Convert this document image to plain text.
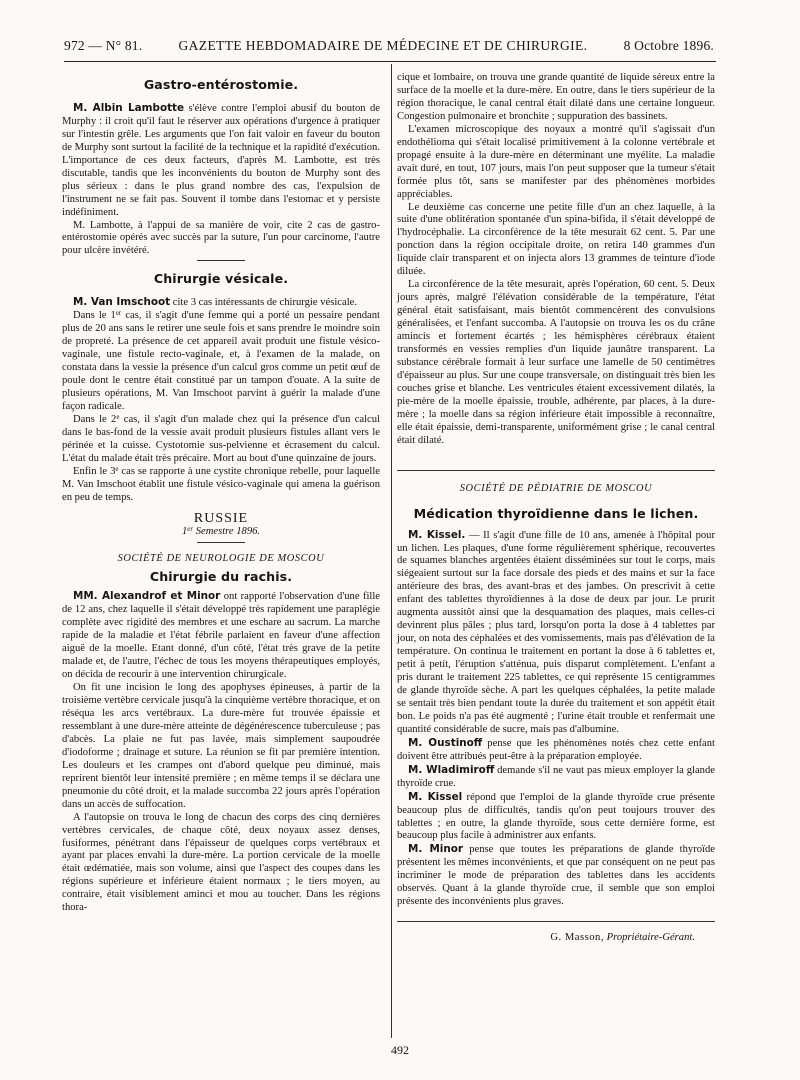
972 — N° 81.	GAZETTE HEBDOMADAIRE DE MÉDECINE ET DE CHIRURGIE.	8 Octobre 1896.
Gastro-entérostomie.

M. Albin Lambotte s'élève contre l'emploi abusif du bouton de Murphy : il croit qu'il faut le réserver aux opérations d'urgence à pratiquer sur l'intestin grêle. Les arguments que l'on fait valoir en faveur du bouton de Murphy sont surtout la facilité de la technique et la rapidité d'exécution. L'importance de ces deux facteurs, d'après M. Lambotte, est très discutable, tandis que les inconvénients du bouton de Murphy sont des plus sérieux : dans le plus grand nombre des cas, l'expulsion de l'instrument ne se fait pas. Souvent il tombe dans l'estomac et y persiste indéfiniment.

M. Lambotte, à l'appui de sa manière de voir, cite 2 cas de gastro-entérostomie opérés avec succès par la suture, l'un pour carcinome, l'autre pour ulcère invétéré.

Chirurgie vésicale.

M. Van Imschoot cite 3 cas intéressants de chirurgie vésicale.

Dans le 1er cas, il s'agit d'une femme qui a porté un pessaire pendant plus de 20 ans sans le retirer une seule fois et sans prendre le moindre soin de propreté. La présence de cet appareil avait produit une fistule vésico-vaginale, une fistule recto-vaginale, et, à l'examen de la malade, on constata dans la vessie la présence d'un calcul gros comme un petit œuf de poule dont le centre était constitué par un tampon d'ouate. A la suite de plusieurs opérations, M. Van Imschoot parvint à guérir la malade d'une façon radicale.

Dans le 2e cas, il s'agit d'un malade chez qui la présence d'un calcul dans le bas-fond de la vessie avait produit plusieurs fistules allant vers le périnée et la cuisse. Cystotomie sus-pelvienne et écrasement du calcul. L'état du malade était très précaire. Mort au bout d'une quinzaine de jours.

Enfin le 3e cas se rapporte à une cystite chronique rebelle, pour laquelle M. Van Imschoot établit une fistule vésico-vaginale qui amena la guérison en peu de temps.

RUSSIE
1er Semestre 1896.
SOCIÉTÉ DE NEUROLOGIE DE MOSCOU
Chirurgie du rachis.

MM. Alexandrof et Minor ont rapporté l'observation d'une fille de 12 ans, chez laquelle il s'était développé très rapidement une paraplégie complète avec rigidité des membres et une eschare au sacrum. La marche rapide de la maladie et l'état fébrile parlaient en faveur d'une affection aiguë de la moelle. Etant donné, d'un côté, l'état très grave de la petite malade et, de l'autre, l'échec de tous les moyens thérapeutiques employés, on décida de recourir à une intervention chirurgicale.

On fit une incision le long des apophyses épineuses, à partir de la troisième vertèbre cervicale jusqu'à la cinquième vertèbre thoracique, et on réséqua les arcs vertébraux. La dure-mère fut trouvée épaissie et ressemblant à une dure-mère atteinte de dégénérescence tuberculeuse ; pas d'abcès. La plaie ne fut pas lavée, mais simplement saupoudrée d'iodoforme ; drainage et suture. La réunion se fit par première intention. Les douleurs et les crampes ont d'abord quelque peu diminué, mais reprirent bientôt leur intensité première ; en même temps il se déclara une pneumonie du côté droit, et la malade succomba 22 jours après l'opération dans un accès de suffocation.

A l'autopsie on trouva le long de chacun des corps des cinq dernières vertèbres cervicales, de chaque côté, deux noyaux assez denses, fusiformes, pénétrant dans l'épaisseur de quelques corps vertébraux et ayant par places envahi la dure-mère. La portion cervicale de la moelle était œdématiée, mais son volume, ainsi que l'aspect des coupes dans les régions supérieure et inférieure étaient normaux ; le tiers moyen, au contraire, était visiblement aminci et mou au toucher. Dans les régions thora-

cique et lombaire, on trouva une grande quantité de liquide séreux entre la surface de la moelle et la dure-mère. En outre, dans le tiers supérieur de la région thoracique, le canal central était dilaté dans une certaine longueur. Congestion pulmonaire et bronchite ; suppuration des bassinets.

L'examen microscopique des noyaux a montré qu'il s'agissait d'un endothélioma qui s'était localisé primitivement à la colonne vertébrale et propagé ensuite à la dure-mère en déterminant une myélite. La maladie avait duré, en tout, 107 jours, mais l'on peut supposer que la tumeur s'était formée plus tôt, sans se manifester par des phénomènes morbides appréciables.

Le deuxième cas concerne une petite fille d'un an chez laquelle, à la suite d'une oblitération spontanée d'un spina-bifida, il s'était développé de l'hydrocéphalie. La circonférence de la tête mesurait 62 cent. 5. Par une ponction dans la région occipitale droite, on retira 140 grammes d'un liquide clair transparent et on injecta alors 13 grammes de teinture d'iode diluée.

La circonférence de la tête mesurait, après l'opération, 60 cent. 5. Deux jours après, malgré l'élévation considérable de la température, l'état général était satisfaisant, mais bientôt commencèrent des convulsions généralisées, et l'enfant succomba. A l'autopsie on trouva les os du crâne amincis et fortement écartés ; les hémisphères cérébraux étaient transformés en vessies remplies d'un liquide jaunâtre transparent. La substance cérébrale formait à leur surface une lamelle de 50 centimètres d'épaisseur au plus. Sur une coupe transversale, on distinguait très bien les couches grise et blanche. Les ventricules étaient excessivement dilatés, la pie-mère de la moelle épaissie, trouble, adhérente, par places, à la dure-mère ; la moelle dans sa région inférieure était impossible à reconnaître, elle était épaissie, demi-transparente, uniformément grise ; le canal central était dilaté.

SOCIÉTÉ DE PÉDIATRIE DE MOSCOU
Médication thyroïdienne dans le lichen.

M. Kissel. — Il s'agit d'une fille de 10 ans, amenée à l'hôpital pour un lichen. Les plaques, d'une forme régulièrement sphérique, recouvertes de squames blanches argentées étaient disséminées sur tout le corps, mais siégeaient surtout sur la face dorsale des pieds et des mains et sur la face antérieure des bras, des avant-bras et des jambes. On prescrivit à cette enfant des tablettes thyroïdiennes à la dose de deux par jour. Le prurit augmenta aussitôt ainsi que la desquamation des plaques, mais celles-ci devinrent plus pâles ; plus tard, lorsqu'on porta la dose à 4 tablettes par jour, on nota des céphalées et des vomissements, mais pas d'élévation de la température. On continua le traitement en portant la dose à 6 tablettes et, petit à petit, l'éruption s'atténua, puis disparut complètement. L'enfant a pris durant le traitement 225 tablettes, ce qui représente 15 centigrammes de glande thyroïde sèche. A part les quelques céphalées, la petite malade se sentait très bien pendant toute la durée du traitement et son appétit était bon. Le poids n'a pas été augmenté ; l'urine était trouble et renfermait une quantité considérable de sucre, mais pas d'albumine.

M. Oustinoff pense que les phénomènes notés chez cette enfant doivent être attribués peut-être à la préparation employée.

M. Wladimiroff demande s'il ne vaut pas mieux employer la glande thyroïde crue.

M. Kissel répond que l'emploi de la glande thyroïde crue présente beaucoup plus de difficultés, tandis qu'on peut toujours trouver des tablettes ; en outre, la glande thyroïde, sous cette dernière forme, est beaucoup plus facile à administrer aux enfants.

M. Minor pense que toutes les préparations de glande thyroïde présentent les mêmes inconvénients, et que par conséquent on ne peut pas incriminer le mode de préparation des tablettes dans les accidents observés. Quant à la glande thyroïde crue, il semble que son emploi présente des inconvénients plus graves.

G. Masson, Propriétaire-Gérant.
492
